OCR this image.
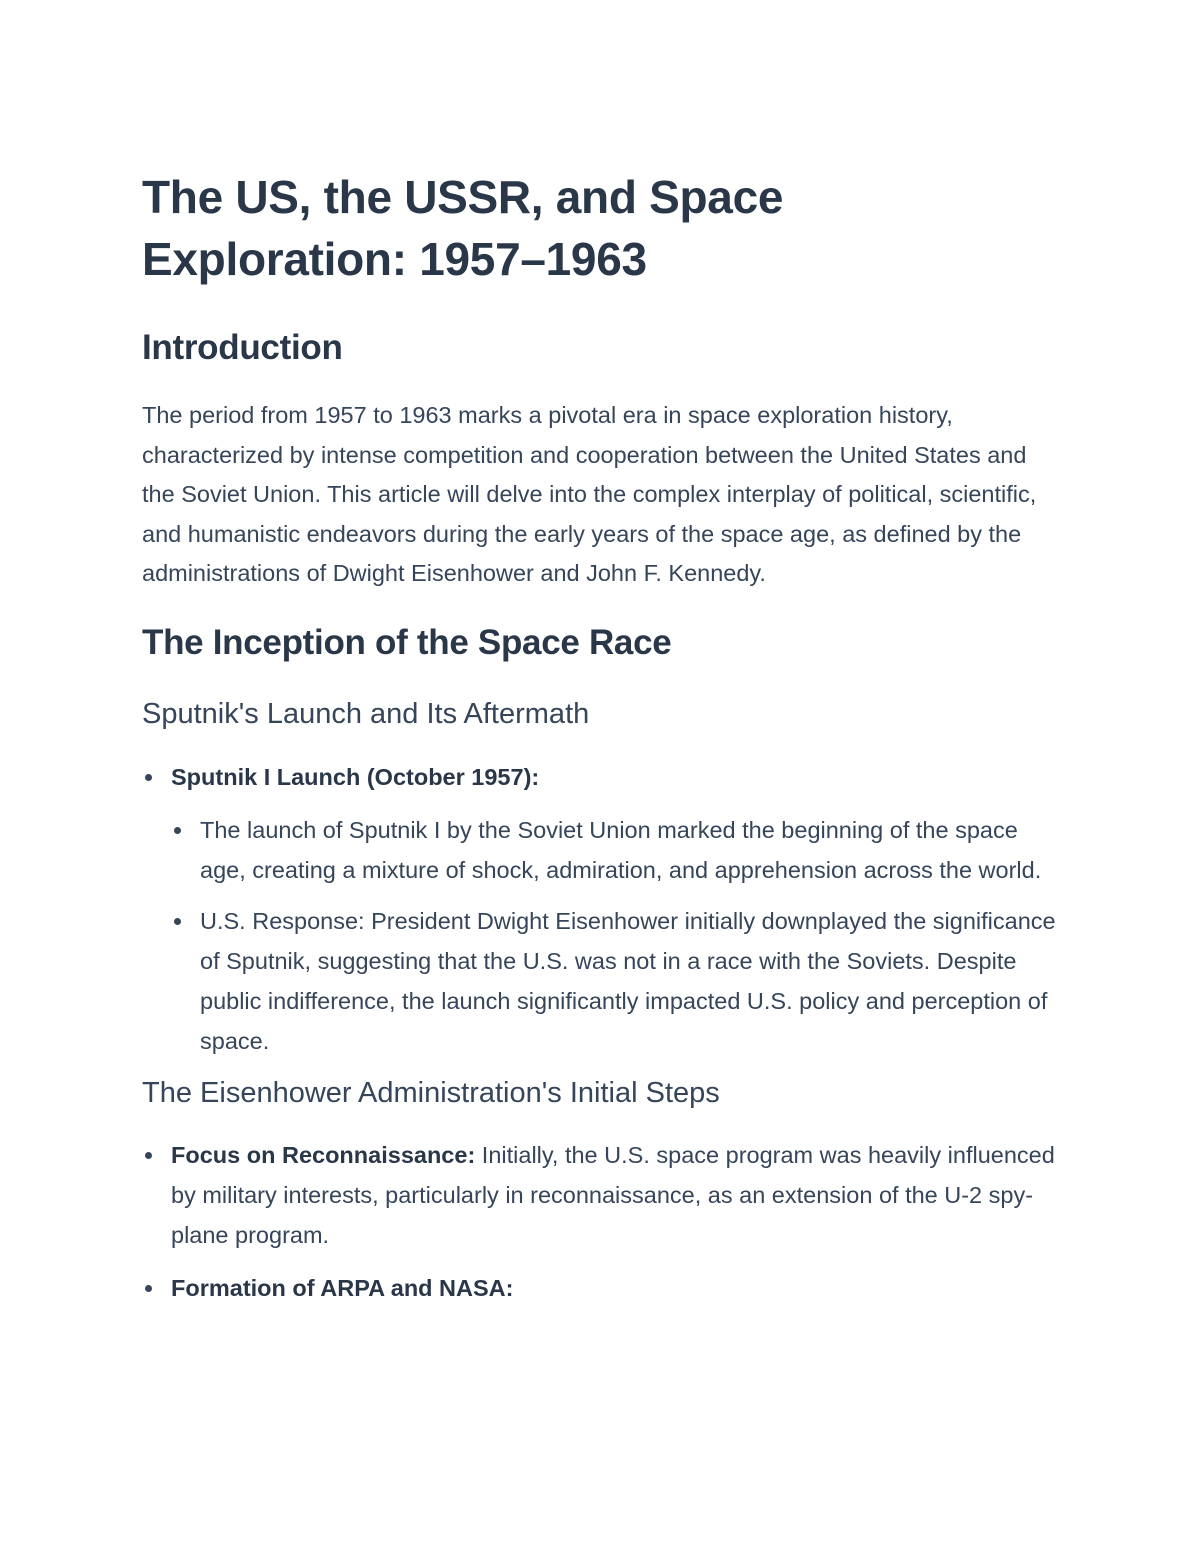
The US, the USSR, and Space Exploration: 1957–1963
Introduction

The period from 1957 to 1963 marks a pivotal era in space exploration history, characterized by intense competition and cooperation between the United States and the Soviet Union. This article will delve into the complex interplay of political, scientific, and humanistic endeavors during the early years of the space age, as defined by the administrations of Dwight Eisenhower and John F. Kennedy.

The Inception of the Space Race
Sputnik's Launch and Its Aftermath
Sputnik I Launch (October 1957):
The launch of Sputnik I by the Soviet Union marked the beginning of the space age, creating a mixture of shock, admiration, and apprehension across the world.
U.S. Response: President Dwight Eisenhower initially downplayed the significance of Sputnik, suggesting that the U.S. was not in a race with the Soviets. Despite public indifference, the launch significantly impacted U.S. policy and perception of space.
The Eisenhower Administration's Initial Steps
Focus on Reconnaissance: Initially, the U.S. space program was heavily influenced by military interests, particularly in reconnaissance, as an extension of the U-2 spy-plane program.
Formation of ARPA and NASA:
